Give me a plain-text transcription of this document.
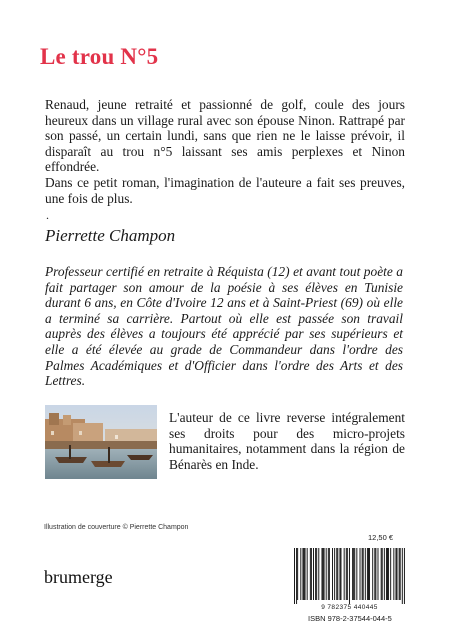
Le trou N°5

Renaud, jeune retraité et passionné de golf, coule des jours heureux dans un village rural avec son épouse Ninon. Rattrapé par son passé, un certain lundi, sans que rien ne le laisse prévoir, il disparaît au trou n°5 laissant ses amis perplexes et Ninon effondrée.

Dans ce petit roman, l'imagination de l'auteure a fait ses preuves, une fois de plus.

.
Pierrette Champon
Professeur certifié en retraite à Réquista (12) et avant tout poète a fait partager son amour de la poésie à ses élèves en Tunisie durant 6 ans, en Côte d'Ivoire 12 ans et à Saint-Priest (69) où elle a terminé sa carrière. Partout où elle est passée son travail auprès des élèves a toujours été apprécié par ses supérieurs et elle a été élevée au grade de Commandeur dans l'ordre des Palmes Académiques et d'Officier dans l'ordre des Arts et des Lettres.
L'auteur de ce livre reverse intégralement ses droits pour des micro-projets humanitaires, notamment dans la région de Bénarès en Inde.
Illustration de couverture © Pierrette Champon
12,50 €
9 782375 440445
ISBN 978-2-37544-044-5
brumerge
